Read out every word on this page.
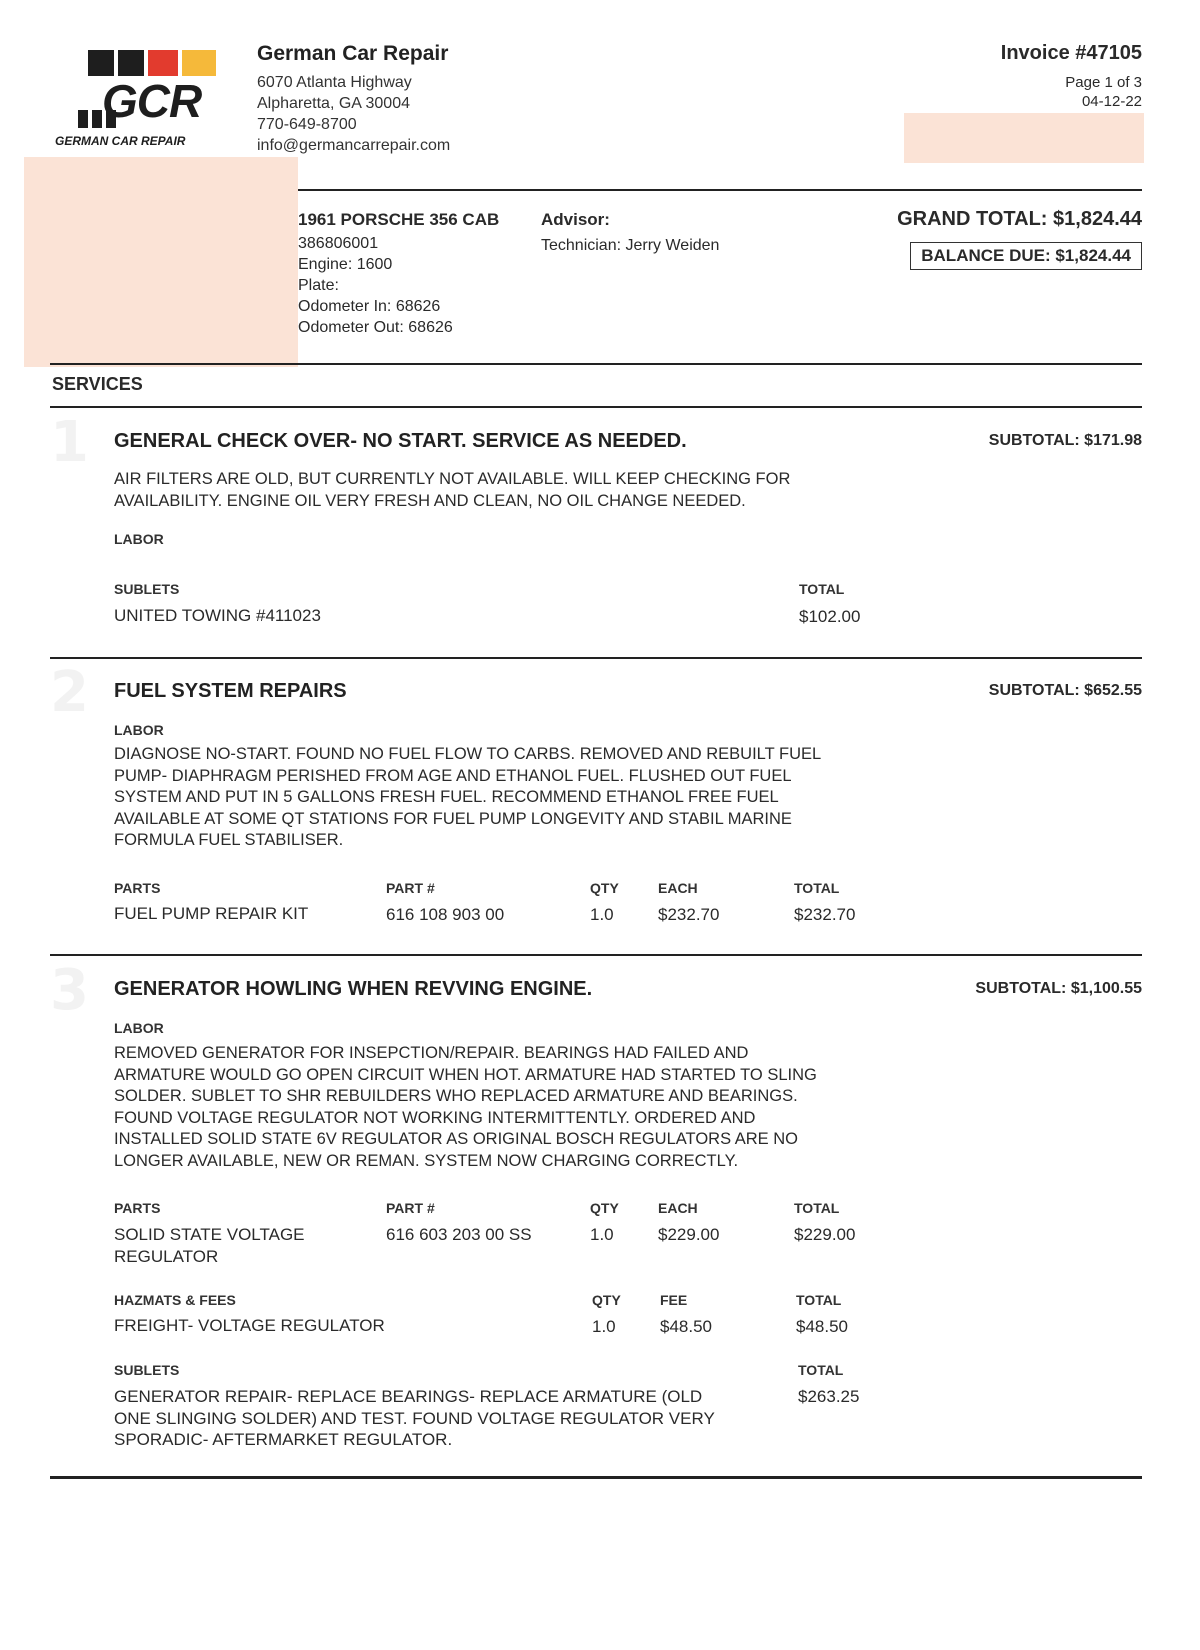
GCR
GERMAN CAR REPAIR
German Car Repair
6070 Atlanta Highway
Alpharetta, GA 30004
770-649-8700
info@germancarrepair.com
Invoice #47105
Page 1 of 3
04-12-22
1961 PORSCHE 356 CAB
386806001
Engine: 1600
Plate:
Odometer In: 68626
Odometer Out: 68626
Advisor:
Technician: Jerry Weiden
GRAND TOTAL: $1,824.44
BALANCE DUE: $1,824.44
SERVICES
1 GENERAL CHECK OVER- NO START. SERVICE AS NEEDED.	SUBTOTAL: $171.98
AIR FILTERS ARE OLD, BUT CURRENTLY NOT AVAILABLE. WILL KEEP CHECKING FOR
AVAILABILITY. ENGINE OIL VERY FRESH AND CLEAN, NO OIL CHANGE NEEDED.
LABOR
SUBLETS	TOTAL
UNITED TOWING #411023	$102.00
2 FUEL SYSTEM REPAIRS	SUBTOTAL: $652.55
LABOR
DIAGNOSE NO-START. FOUND NO FUEL FLOW TO CARBS. REMOVED AND REBUILT FUEL
PUMP- DIAPHRAGM PERISHED FROM AGE AND ETHANOL FUEL. FLUSHED OUT FUEL
SYSTEM AND PUT IN 5 GALLONS FRESH FUEL. RECOMMEND ETHANOL FREE FUEL
AVAILABLE AT SOME QT STATIONS FOR FUEL PUMP LONGEVITY AND STABIL MARINE
FORMULA FUEL STABILISER.
PARTS	PART #	QTY	EACH	TOTAL
FUEL PUMP REPAIR KIT	616 108 903 00	1.0	$232.70	$232.70
3 GENERATOR HOWLING WHEN REVVING ENGINE.	SUBTOTAL: $1,100.55
LABOR
REMOVED GENERATOR FOR INSEPCTION/REPAIR. BEARINGS HAD FAILED AND
ARMATURE WOULD GO OPEN CIRCUIT WHEN HOT. ARMATURE HAD STARTED TO SLING
SOLDER. SUBLET TO SHR REBUILDERS WHO REPLACED ARMATURE AND BEARINGS.
FOUND VOLTAGE REGULATOR NOT WORKING INTERMITTENTLY. ORDERED AND
INSTALLED SOLID STATE 6V REGULATOR AS ORIGINAL BOSCH REGULATORS ARE NO
LONGER AVAILABLE, NEW OR REMAN. SYSTEM NOW CHARGING CORRECTLY.
PARTS	PART #	QTY	EACH	TOTAL
SOLID STATE VOLTAGE
REGULATOR
616 603 203 00 SS	1.0	$229.00	$229.00
HAZMATS & FEES	QTY	FEE	TOTAL
FREIGHT- VOLTAGE REGULATOR	1.0	$48.50	$48.50
SUBLETS	TOTAL
GENERATOR REPAIR- REPLACE BEARINGS- REPLACE ARMATURE (OLD
ONE SLINGING SOLDER) AND TEST. FOUND VOLTAGE REGULATOR VERY
SPORADIC- AFTERMARKET REGULATOR.
$263.25
